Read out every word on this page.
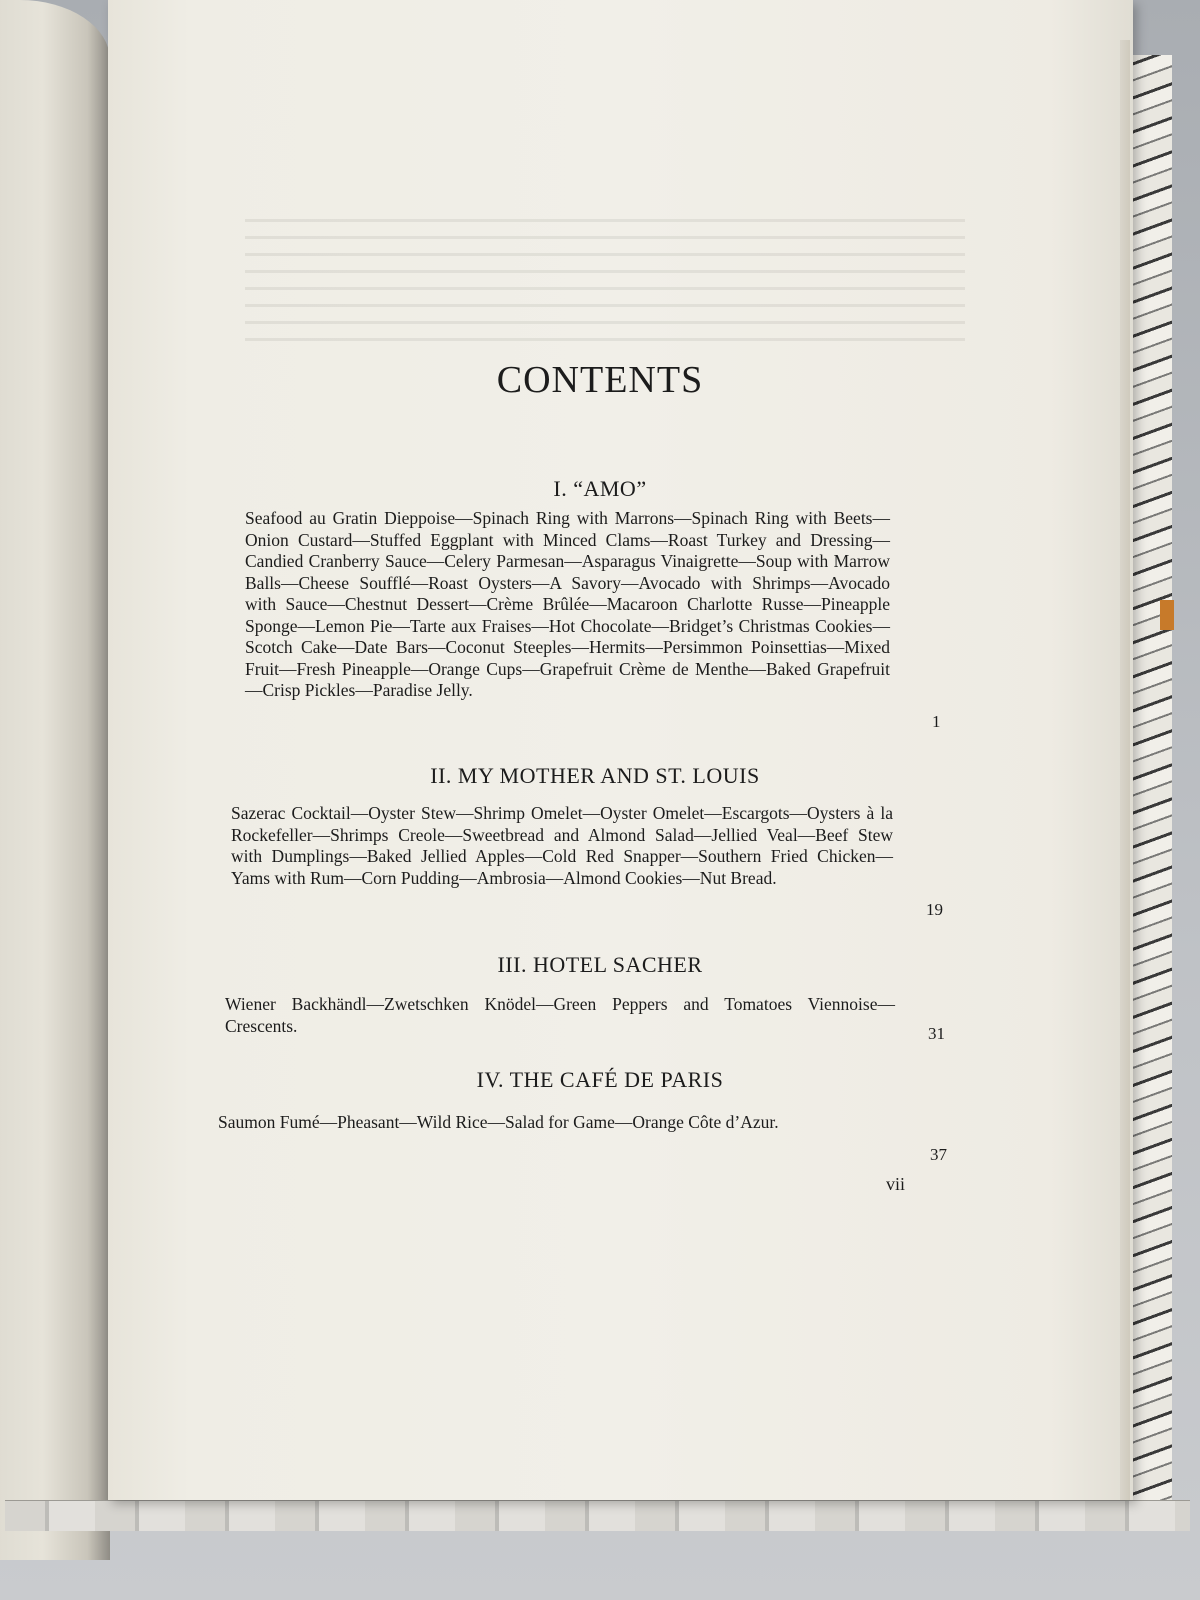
CONTENTS
I. “AMO”

Seafood au Gratin Dieppoise—Spinach Ring with Marrons—Spinach Ring with Beets—Onion Custard—Stuffed Eggplant with Minced Clams—Roast Turkey and Dressing—Candied Cranberry Sauce—Celery Parmesan—Asparagus Vinaigrette—Soup with Marrow Balls—Cheese Soufflé—Roast Oysters—A Savory—Avocado with Shrimps—Avocado with Sauce—Chestnut Dessert—Crème Brûlée—Macaroon Charlotte Russe—Pineapple Sponge—Lemon Pie—Tarte aux Fraises—Hot Chocolate—Bridget’s Christmas Cookies—Scotch Cake—Date Bars—Coconut Steeples—Hermits—Persimmon Poinsettias—Mixed Fruit—Fresh Pineapple—Orange Cups—Grapefruit Crème de Menthe—Baked Grapefruit—Crisp Pickles—Paradise Jelly.

1
II. MY MOTHER AND ST. LOUIS

Sazerac Cocktail—Oyster Stew—Shrimp Omelet—Oyster Omelet—Escargots—Oysters à la Rockefeller—Shrimps Creole—Sweetbread and Almond Salad—Jellied Veal—Beef Stew with Dumplings—Baked Jellied Apples—Cold Red Snapper—Southern Fried Chicken—Yams with Rum—Corn Pudding—Ambrosia—Almond Cookies—Nut Bread.

19
III. HOTEL SACHER

Wiener Backhändl—Zwetschken Knödel—Green Peppers and Tomatoes Viennoise—Crescents.	31
IV. THE CAFÉ DE PARIS

Saumon Fumé—Pheasant—Wild Rice—Salad for Game—Orange Côte d’Azur.

37
vii
